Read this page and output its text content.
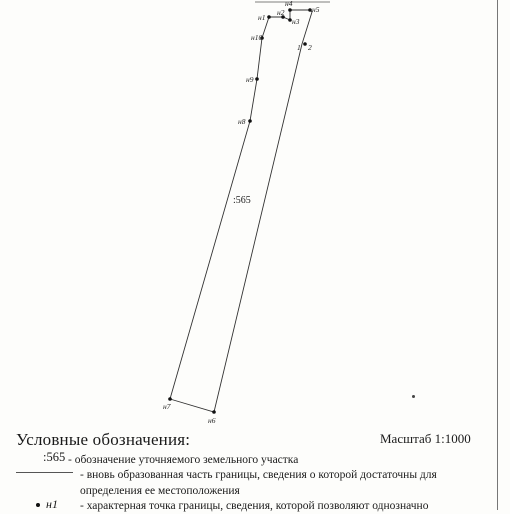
н1
н2
н3
н4
н5
1 2
н6
н7
н8
н9
н10
:565
Условные обозначения:	Масштаб 1:1000
:565 - обозначение уточняемого земельного участка
- вновь образованная часть границы, сведения о которой достаточны для определения ее местоположения
н1 - характерная точка границы, сведения, которой позволяют однозначно
